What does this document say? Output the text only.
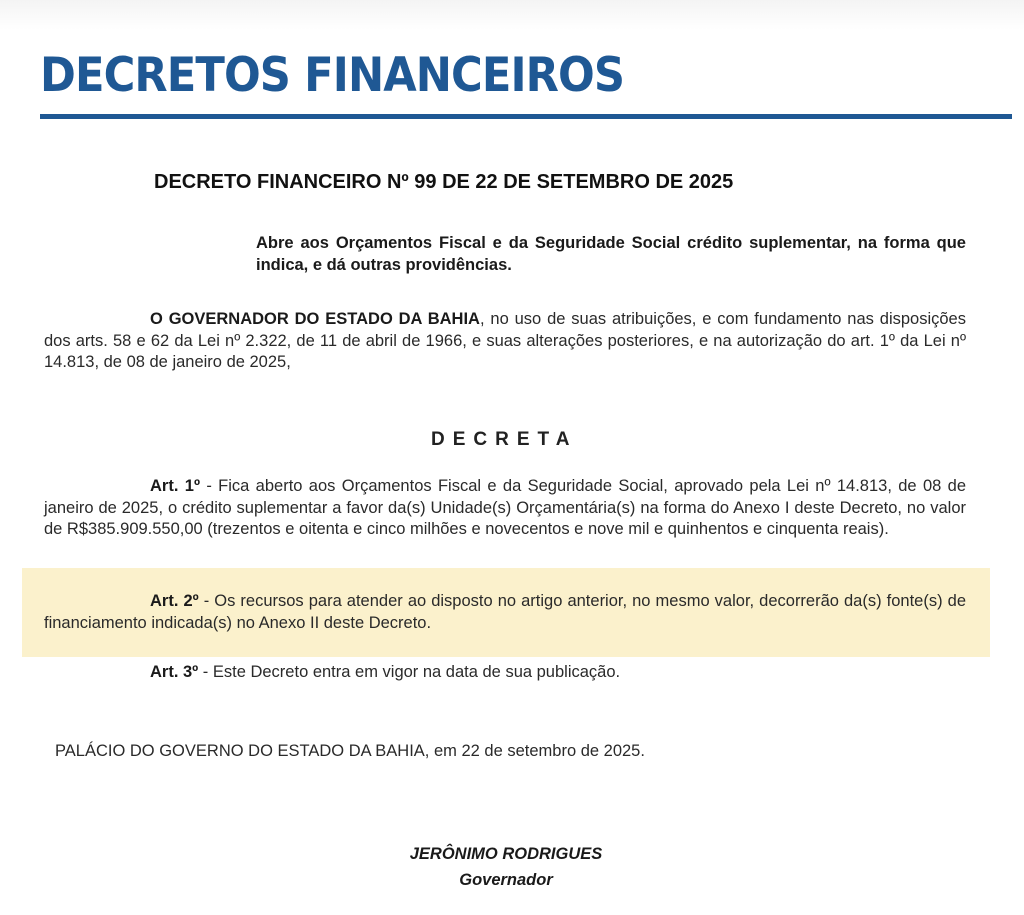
DECRETOS FINANCEIROS
DECRETO FINANCEIRO Nº 99 DE 22 DE SETEMBRO DE 2025
Abre aos Orçamentos Fiscal e da Seguridade Social crédito suplementar, na forma que indica, e dá outras providências.
O GOVERNADOR DO ESTADO DA BAHIA, no uso de suas atribuições, e com fundamento nas disposições dos arts. 58 e 62 da Lei nº 2.322, de 11 de abril de 1966, e suas alterações posteriores, e na autorização do art. 1º da Lei nº 14.813, de 08 de janeiro de 2025,
DECRETA
Art. 1º - Fica aberto aos Orçamentos Fiscal e da Seguridade Social, aprovado pela Lei nº 14.813, de 08 de janeiro de 2025, o crédito suplementar a favor da(s) Unidade(s) Orçamentária(s) na forma do Anexo I deste Decreto, no valor de R$385.909.550,00 (trezentos e oitenta e cinco milhões e novecentos e nove mil e quinhentos e cinquenta reais).
Art. 2º - Os recursos para atender ao disposto no artigo anterior, no mesmo valor, decorrerão da(s) fonte(s) de financiamento indicada(s) no Anexo II deste Decreto.
Art. 3º - Este Decreto entra em vigor na data de sua publicação.
PALÁCIO DO GOVERNO DO ESTADO DA BAHIA, em 22 de setembro de 2025.
JERÔNIMO RODRIGUES
Governador
